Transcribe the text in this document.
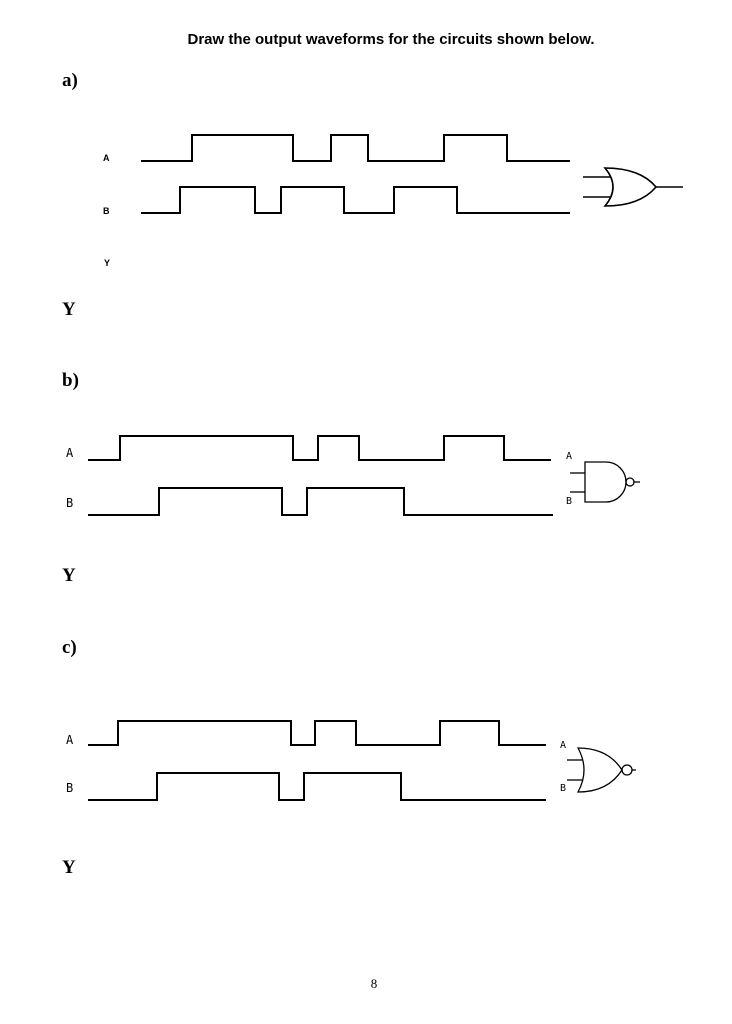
Draw the output waveforms for the circuits shown below.
a)
A
B
Y
Y
b)
A
B
A
B
Y
c)
A
B
A
B
Y
8
